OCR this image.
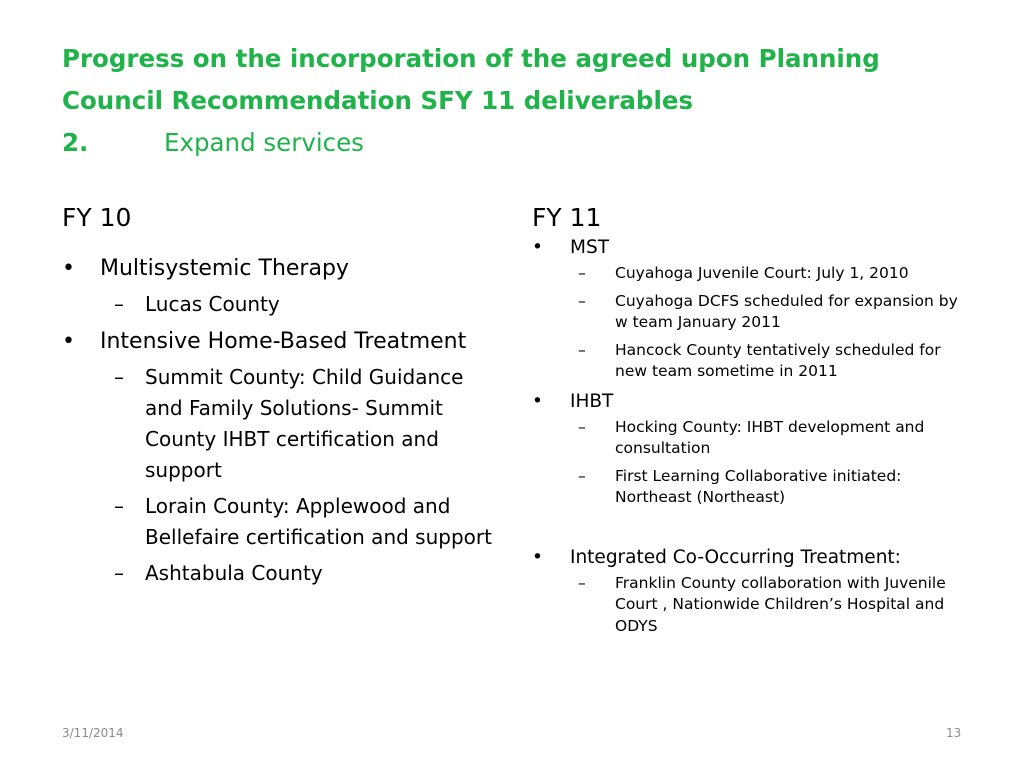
Progress on the incorporation of the agreed upon Planning
Council Recommendation SFY 11 deliverables
2.	Expand services
FY 10	FY 11
• Multisystemic Therapy
– Lucas County
• Intensive Home-Based Treatment
– Summit County: Child Guidance and Family Solutions- Summit County IHBT certification and support
– Lorain County: Applewood and Bellefaire certification and support
– Ashtabula County
• MST
– Cuyahoga Juvenile Court: July 1, 2010
– Cuyahoga DCFS scheduled for expansion by w team January 2011
– Hancock County tentatively scheduled for new team sometime in 2011
• IHBT
– Hocking County: IHBT development and consultation
– First Learning Collaborative initiated: Northeast (Northeast)
• Integrated Co-Occurring Treatment:
– Franklin County collaboration with Juvenile Court , Nationwide Children’s Hospital and ODYS
3/11/2014	13
